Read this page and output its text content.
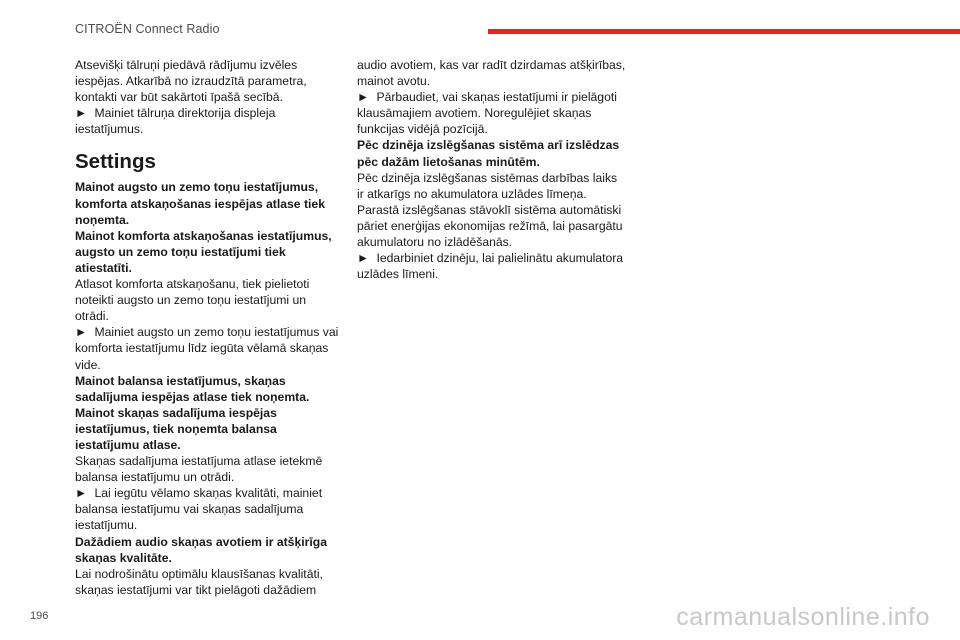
CITROËN Connect Radio

Atsevišķi tālruņi piedāvā rādījumu izvēles iespējas. Atkarībā no izraudzītā parametra, kontakti var būt sakārtoti īpašā secībā.

► Mainiet tālruņa direktorija displeja iestatījumus.

Settings

Mainot augsto un zemo toņu iestatījumus, komforta atskaņošanas iespējas atlase tiek noņemta.

Mainot komforta atskaņošanas iestatījumus, augsto un zemo toņu iestatījumi tiek atiestatīti.

Atlasot komforta atskaņošanu, tiek pielietoti noteikti augsto un zemo toņu iestatījumi un otrādi.

► Mainiet augsto un zemo toņu iestatījumus vai komforta iestatījumu līdz iegūta vēlamā skaņas vide.

Mainot balansa iestatījumus, skaņas sadalījuma iespējas atlase tiek noņemta.

Mainot skaņas sadalījuma iespējas iestatījumus, tiek noņemta balansa iestatījumu atlase.

Skaņas sadalījuma iestatījuma atlase ietekmē balansa iestatījumu un otrādi.

► Lai iegūtu vēlamo skaņas kvalitāti, mainiet balansa iestatījumu vai skaņas sadalījuma iestatījumu.

Dažādiem audio skaņas avotiem ir atšķirīga skaņas kvalitāte.

Lai nodrošinātu optimālu klausīšanas kvalitāti, skaņas iestatījumi var tikt pielāgoti dažādiem

audio avotiem, kas var radīt dzirdamas atšķirības, mainot avotu.

► Pārbaudiet, vai skaņas iestatījumi ir pielāgoti klausāmajiem avotiem. Noregulējiet skaņas funkcijas vidējā pozīcijā.

Pēc dzinēja izslēgšanas sistēma arī izslēdzas pēc dažām lietošanas minūtēm.

Pēc dzinēja izslēgšanas sistēmas darbības laiks ir atkarīgs no akumulatora uzlādes līmeņa.

Parastā izslēgšanas stāvoklī sistēma automātiski pāriet enerģijas ekonomijas režīmā, lai pasargātu akumulatoru no izlādēšanās.

► Iedarbiniet dzinēju, lai palielinātu akumulatora uzlādes līmeni.

196	carmanualsonline.info
